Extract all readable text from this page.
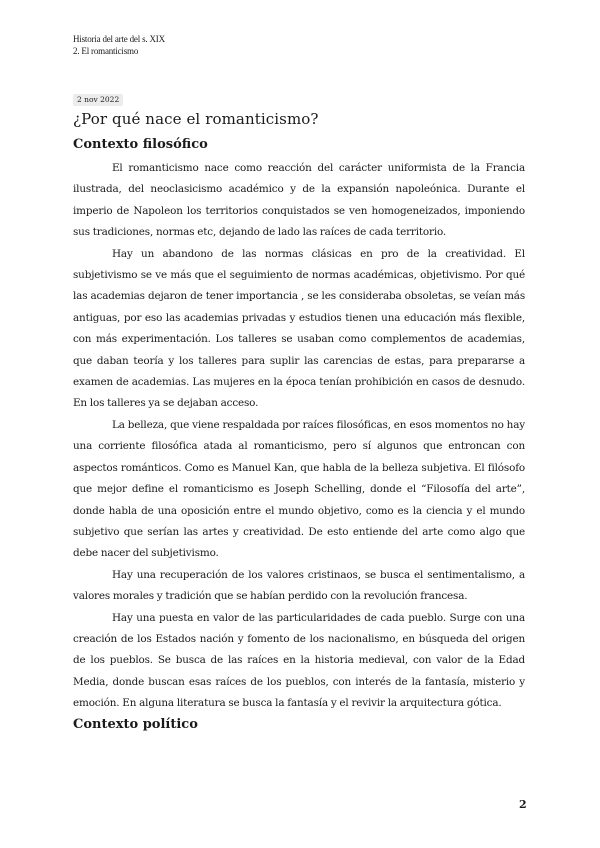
Historia del arte del s. XIX
2. El romanticismo
2 nov 2022
¿Por qué nace el romanticismo?
Contexto filosófico

El romanticismo nace como reacción del carácter uniformista de la Francia ilustrada, del neoclasicismo académico y de la expansión napoleónica. Durante el imperio de Napoleon los territorios conquistados se ven homogeneizados, imponiendo sus tradiciones, normas etc, dejando de lado las raíces de cada territorio.

Hay un abandono de las normas clásicas en pro de la creatividad. El subjetivismo se ve más que el seguimiento de normas académicas, objetivismo. Por qué las academias dejaron de tener importancia , se les consideraba obsoletas, se veían más antiguas, por eso las academias privadas y estudios tienen una educación más flexible, con más experimentación. Los talleres se usaban como complementos de academias, que daban teoría y los talleres para suplir las carencias de estas, para prepararse a examen de academias. Las mujeres en la época tenían prohibición en casos de desnudo. En los talleres ya se dejaban acceso.

La belleza, que viene respaldada por raíces filosóficas, en esos momentos no hay una corriente filosófica atada al romanticismo, pero sí algunos que entroncan con aspectos románticos. Como es Manuel Kan, que habla de la belleza subjetiva. El filósofo que mejor define el romanticismo es Joseph Schelling, donde el “Filosofía del arte”, donde habla de una oposición entre el mundo objetivo, como es la ciencia y el mundo subjetivo que serían las artes y creatividad. De esto entiende del arte como algo que debe nacer del subjetivismo.

Hay una recuperación de los valores cristinaos, se busca el sentimentalismo, a valores morales y tradición que se habían perdido con la revolución francesa.

Hay una puesta en valor de las particularidades de cada pueblo. Surge con una creación de los Estados nación y fomento de los nacionalismo, en búsqueda del origen de los pueblos. Se busca de las raíces en la historia medieval, con valor de la Edad Media, donde buscan esas raíces de los pueblos, con interés de la fantasía, misterio y emoción. En alguna literatura se busca la fantasía y el revivir la arquitectura gótica.

Contexto político
2
